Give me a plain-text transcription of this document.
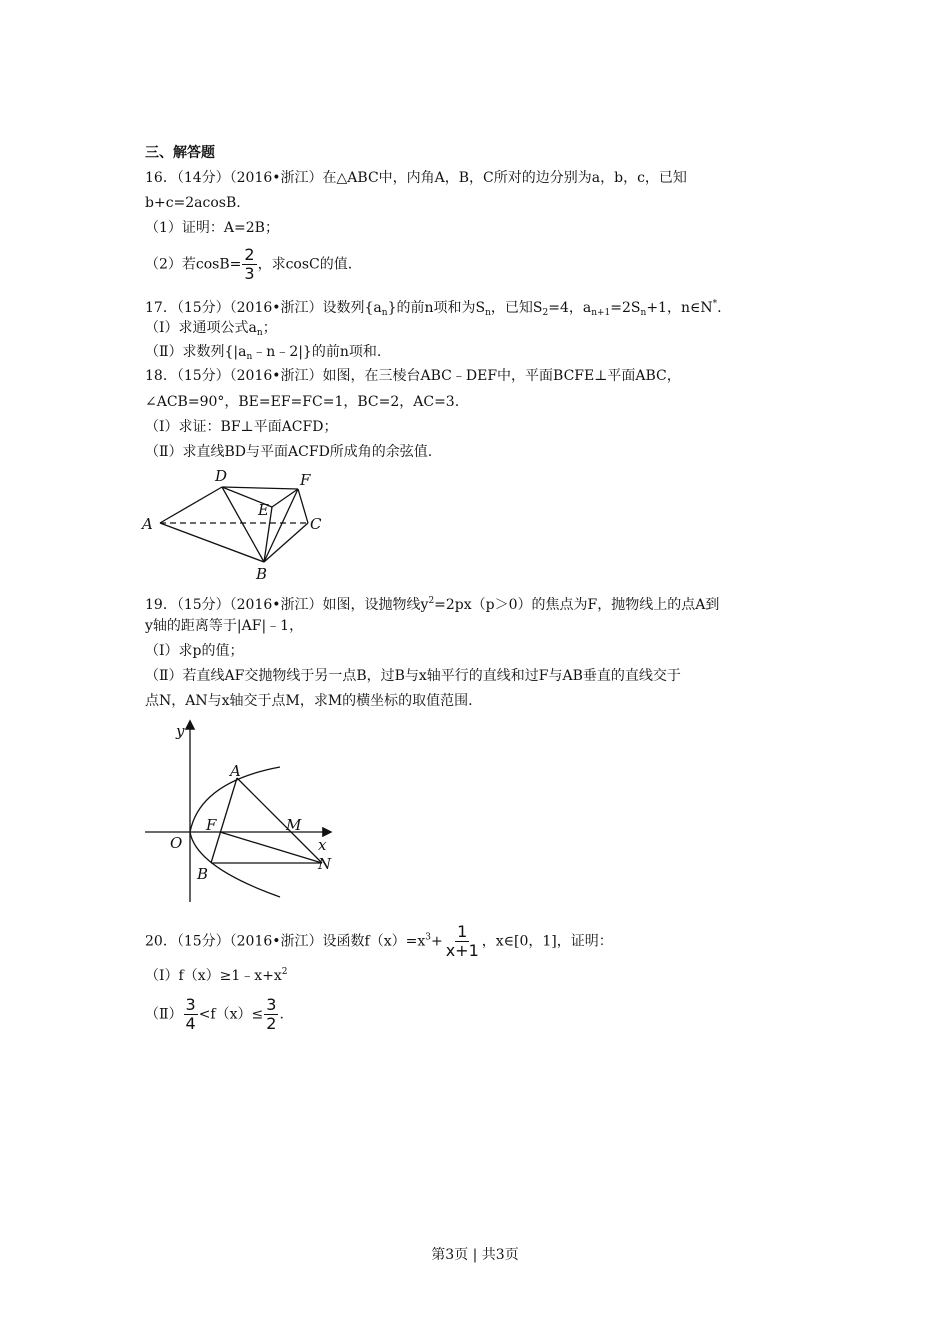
三、解答题
16．（14分）（2016•浙江）在△ABC中，内角A，B，C所对的边分别为a，b，c，已知
b+c=2acosB.
（1）证明：A=2B；
（2）若$\cos B= \frac{2}{3}$ ，求cosC的值.
17．（15分）（2016•浙江）设数列$\{a_n\}$的前n项和为$S_n$，已知$S_2=4$，$a_{n+1}=2S_n+1$，n∈N*.
（Ⅰ）求通项公式$a_n$；
（Ⅱ）求数列$\{|a_n﹣n﹣2|\}$的前n项和.
18．（15分）（2016•浙江）如图，在三棱台ABC﹣DEF中，平面BCFE⊥平面ABC，
∠ACB=90°，BE=EF=FC=1，BC=2，AC=3.
（Ⅰ）求证：BF⊥平面ACFD；
（Ⅱ）求直线BD与平面ACFD所成角的余弦值.
A
D	F
E
C
B
19．（15分）（2016•浙江）如图，设抛物线$y^2=2px(p>0)$的焦点为F，抛物线上的点A到
y轴的距离等于|AF|﹣1，
（Ⅰ）求p的值；
（Ⅱ）若直线AF交抛物线于另一点B，过B与x轴平行的直线和过F与AB垂直的直线交于
点N，AN与x轴交于点M，求M的横坐标的取值范围.
y
x
O
A
F	M
B
N
20．（15分）（2016•浙江）设函数$f(x)=x^3+ \frac{1}{x+1}$ ，x∈[0，1]，证明：
$(Ⅰ)f(x)\ge 1﹣x+x^2$
（Ⅱ） $\frac{3}{4} <f(x)\le \frac{3}{2}$ .
第3页 | 共3页
